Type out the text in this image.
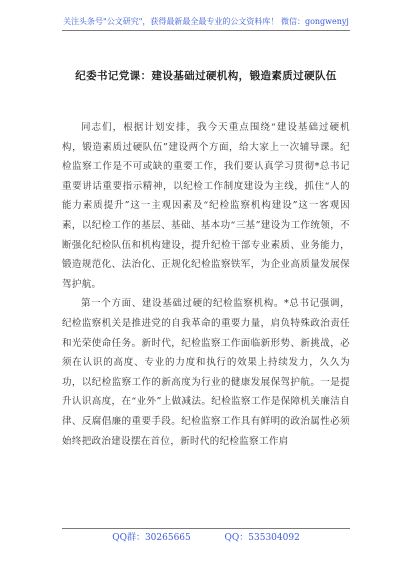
关注头条号"公文研究"，获得最新最全最专业的公文资料库！ 微信：gongwenyj
纪委书记党课：建设基础过硬机构，锻造素质过硬队伍

同志们，根据计划安排，我今天重点围绕“建设基础过硬机构，锻造素质过硬队伍”建设两个方面，给大家上一次辅导课。纪检监察工作是不可或缺的重要工作，我们要认真学习贯彻*总书记重要讲话重要指示精神，以纪检工作制度建设为主线，抓住“人的能力素质提升”这一主观因素及“纪检监察机构建设”这一客观因素，以纪检工作的基层、基础、基本功“三基”建设为工作统领，不断强化纪检队伍和机构建设，提升纪检干部专业素质、业务能力，锻造规范化、法治化、正规化纪检监察铁军，为企业高质量发展保驾护航。

第一个方面、建设基础过硬的纪检监察机构。*总书记强调，纪检监察机关是推进党的自我革命的重要力量，肩负特殊政治责任和光荣使命任务。新时代，纪检监察工作面临新形势、新挑战，必须在认识的高度、专业的力度和执行的效果上持续发力，久久为功，以纪检监察工作的新高度为行业的健康发展保驾护航。一是提升认识高度，在“业外”上做减法。纪检监察工作是保障机关廉洁自律、反腐倡廉的重要手段。纪检监察工作具有鲜明的政治属性必须始终把政治建设摆在首位，新时代的纪检监察工作肩

QQ群：30265665	QQ：535304092
